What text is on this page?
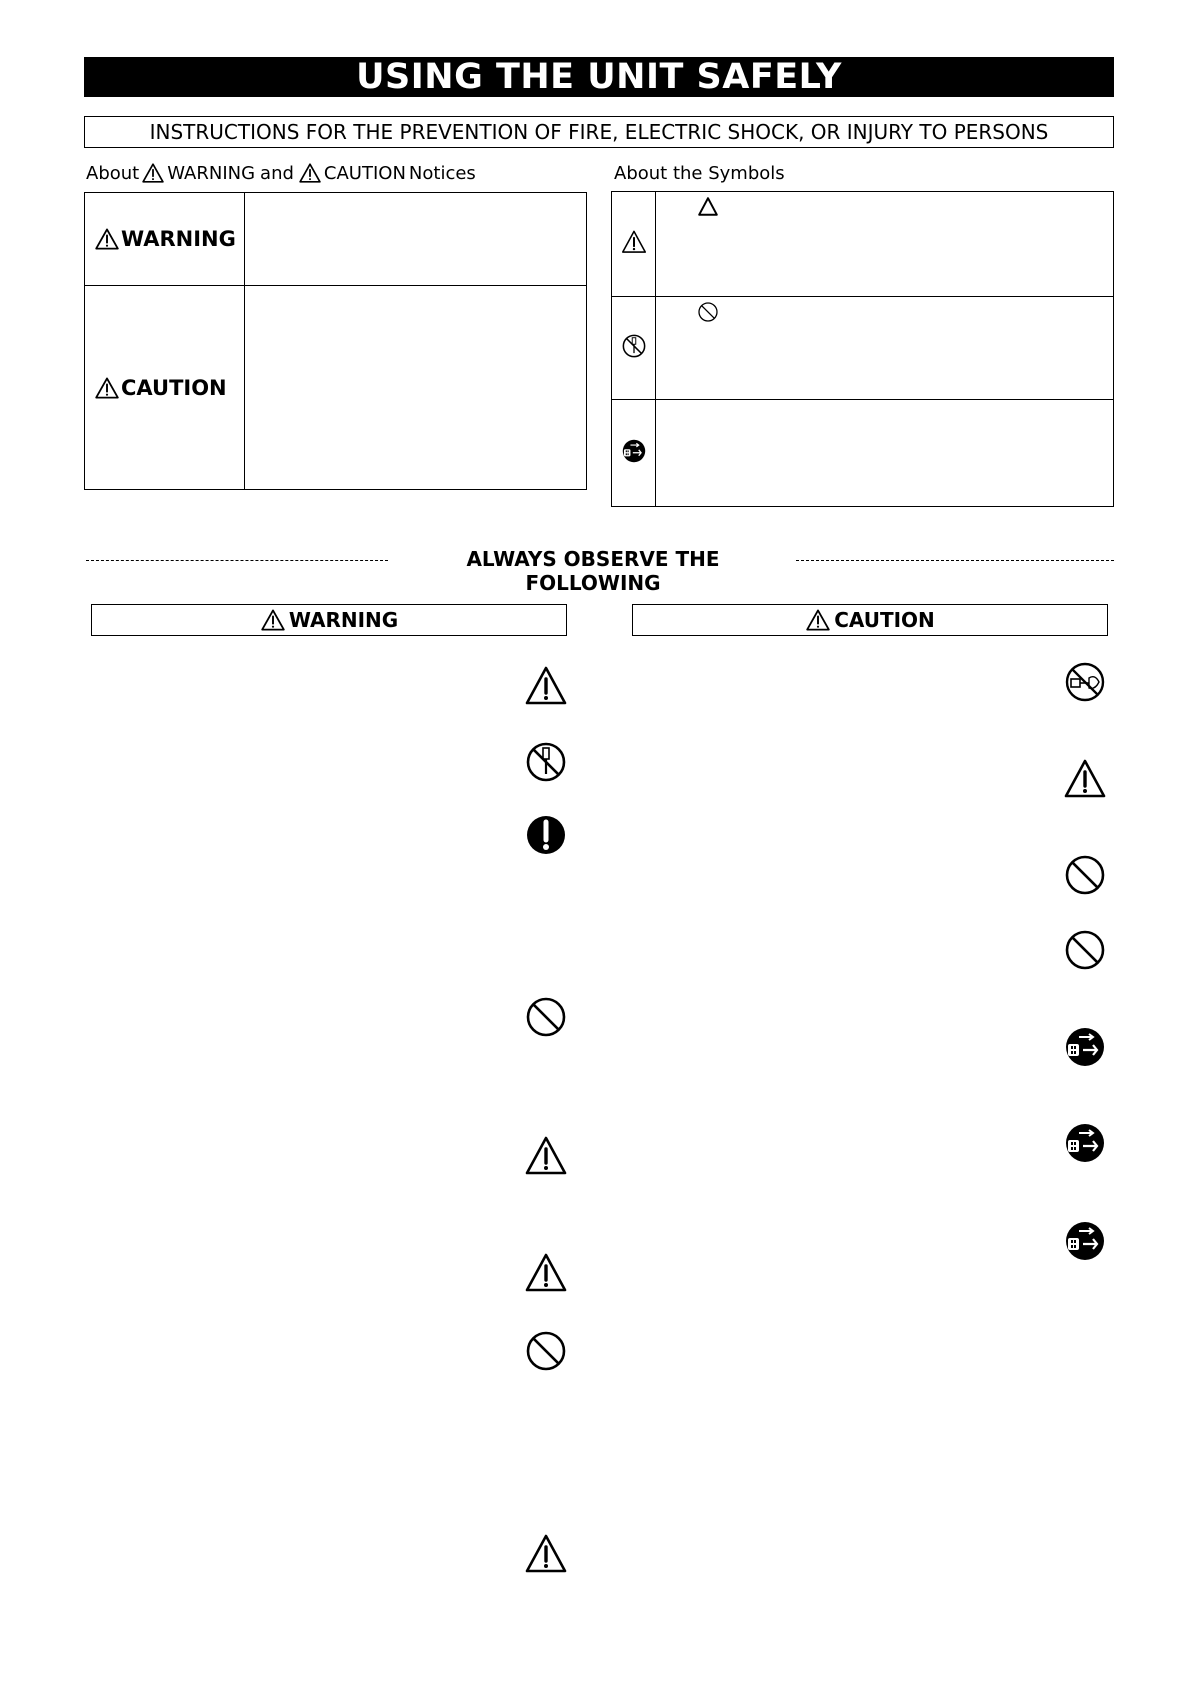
USING THE UNIT SAFELY
INSTRUCTIONS FOR THE PREVENTION OF FIRE, ELECTRIC SHOCK, OR INJURY TO PERSONS
About WARNING and CAUTION Notices	About the Symbols
WARNING	

CAUTION	

ALWAYS OBSERVE THE FOLLOWING
WARNING	CAUTION
